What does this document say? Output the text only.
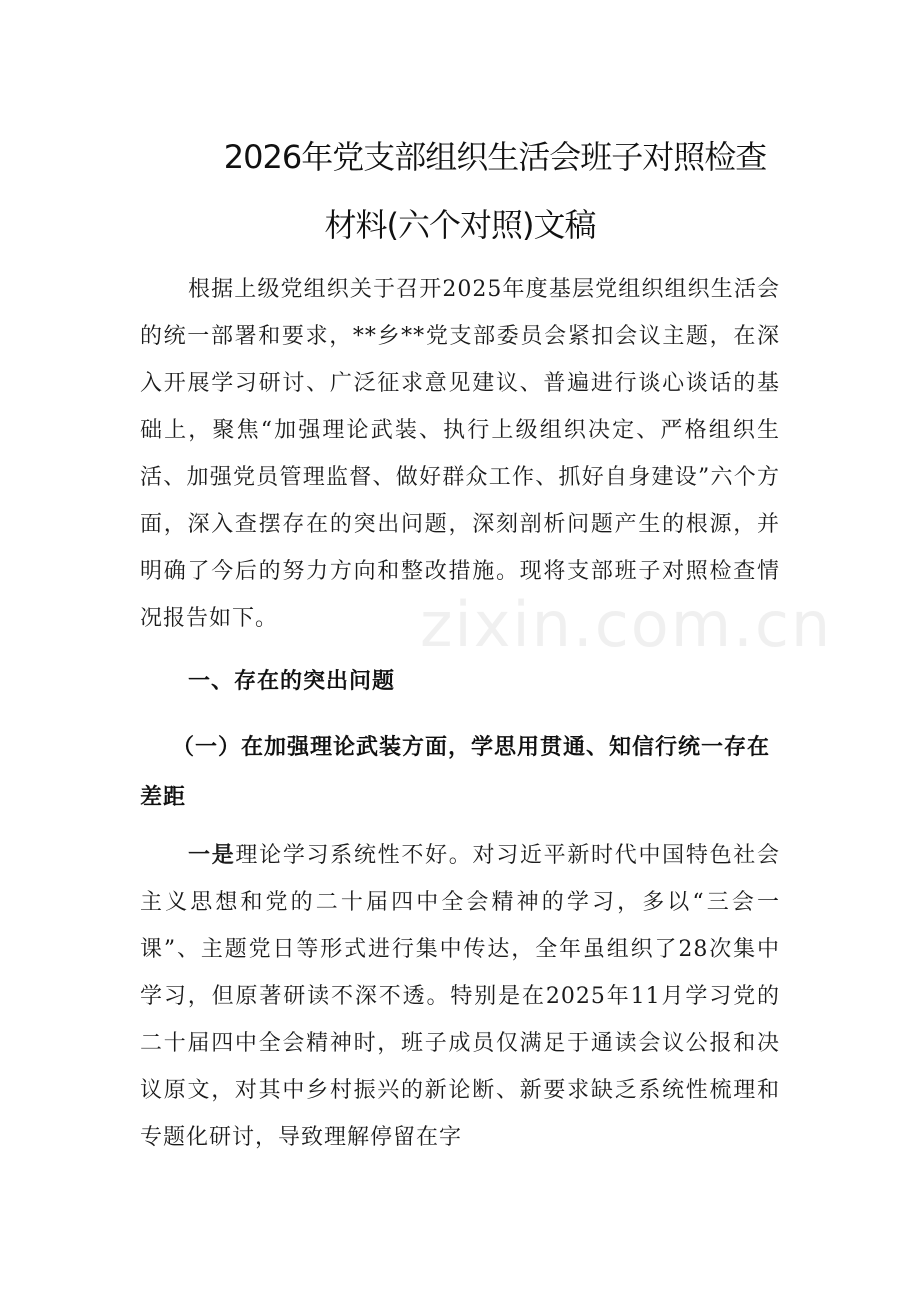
zixin.com.cn
2026年党支部组织生活会班子对照检查
材料(六个对照)文稿

根据上级党组织关于召开2025年度基层党组织组织生活会的统一部署和要求，**乡**党支部委员会紧扣会议主题，在深入开展学习研讨、广泛征求意见建议、普遍进行谈心谈话的基础上，聚焦“加强理论武装、执行上级组织决定、严格组织生活、加强党员管理监督、做好群众工作、抓好自身建设”六个方面，深入查摆存在的突出问题，深刻剖析问题产生的根源，并明确了今后的努力方向和整改措施。现将支部班子对照检查情况报告如下。

一、存在的突出问题
（一）在加强理论武装方面，学思用贯通、知信行统一存在差距

一是理论学习系统性不好。对习近平新时代中国特色社会主义思想和党的二十届四中全会精神的学习，多以“三会一课”、主题党日等形式进行集中传达，全年虽组织了28次集中学习，但原著研读不深不透。特别是在2025年11月学习党的二十届四中全会精神时，班子成员仅满足于通读会议公报和决议原文，对其中乡村振兴的新论断、新要求缺乏系统性梳理和专题化研讨，导致理解停留在字
